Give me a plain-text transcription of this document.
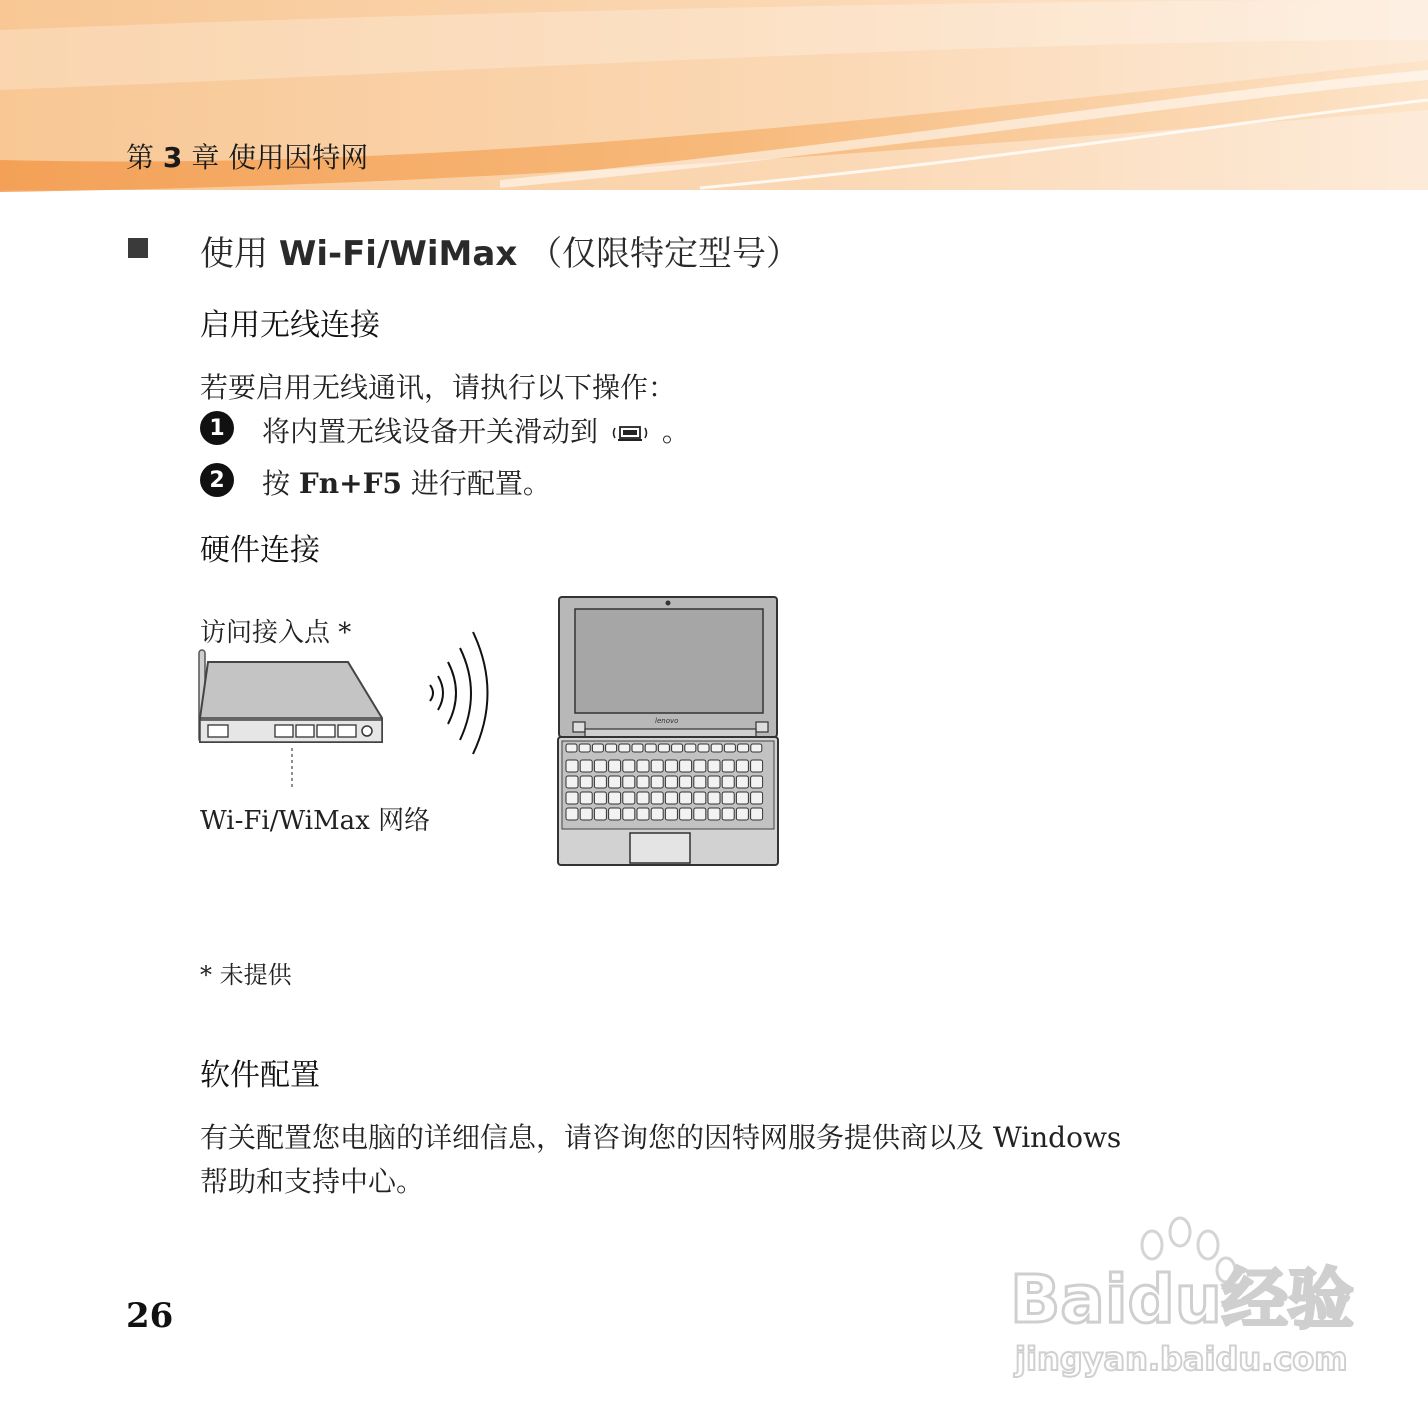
第 3 章 使用因特网
使用 Wi-Fi/WiMax （仅限特定型号）
启用无线连接
若要启用无线通讯，请执行以下操作：
1	将内置无线设备开关滑动到 。
2	按 Fn+F5 进行配置。
硬件连接
访问接入点 *
Wi-Fi/WiMax 网络
lenovo
* 未提供
软件配置
有关配置您电脑的详细信息，请咨询您的因特网服务提供商以及 Windows
帮助和支持中心。
26	Baidu经验
jingyan.baidu.com
